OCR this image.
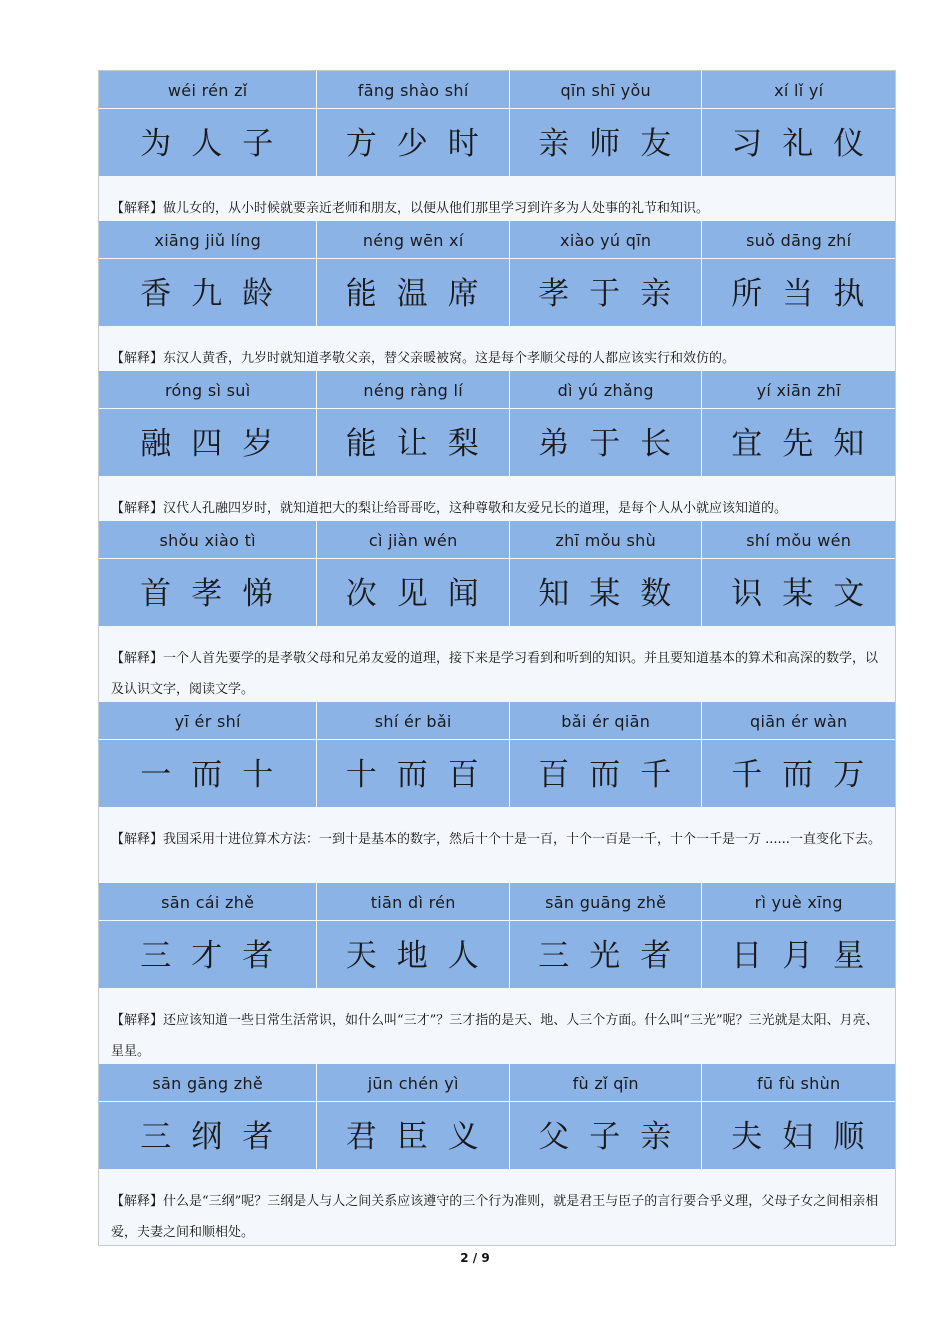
wéi rén zǐ	fāng shào shí	qīn shī yǒu	xí lǐ yí
为人子	方少时	亲师友	习礼仪
【解释】做儿女的，从小时候就要亲近老师和朋友，以便从他们那里学习到许多为人处事的礼节和知识。
xiāng jiǔ líng	néng wēn xí	xiào yú qīn	suǒ dāng zhí
香九龄	能温席	孝于亲	所当执
【解释】东汉人黄香，九岁时就知道孝敬父亲，替父亲暖被窝。这是每个孝顺父母的人都应该实行和效仿的。
róng sì suì	néng ràng lí	dì yú zhǎng	yí xiān zhī
融四岁	能让梨	弟于长	宜先知
【解释】汉代人孔融四岁时，就知道把大的梨让给哥哥吃，这种尊敬和友爱兄长的道理，是每个人从小就应该知道的。
shǒu xiào tì	cì jiàn wén	zhī mǒu shù	shí mǒu wén
首孝悌	次见闻	知某数	识某文
【解释】一个人首先要学的是孝敬父母和兄弟友爱的道理，接下来是学习看到和听到的知识。并且要知道基本的算术和高深的数学，以及认识文字，阅读文学。
yī ér shí	shí ér bǎi	bǎi ér qiān	qiān ér wàn
一而十	十而百	百而千	千而万
【解释】我国采用十进位算术方法：一到十是基本的数字，然后十个十是一百，十个一百是一千，十个一千是一万 ......一直变化下去。
sān cái zhě	tiān dì rén	sān guāng zhě	rì yuè xīng
三才者	天地人	三光者	日月星
【解释】还应该知道一些日常生活常识，如什么叫“三才”？三才指的是天、地、人三个方面。什么叫“三光”呢？三光就是太阳、月亮、星星。
sān gāng zhě	jūn chén yì	fù zǐ qīn	fū fù shùn
三纲者	君臣义	父子亲	夫妇顺
【解释】什么是“三纲”呢？三纲是人与人之间关系应该遵守的三个行为准则，就是君王与臣子的言行要合乎义理，父母子女之间相亲相爱，夫妻之间和顺相处。
2 / 9
